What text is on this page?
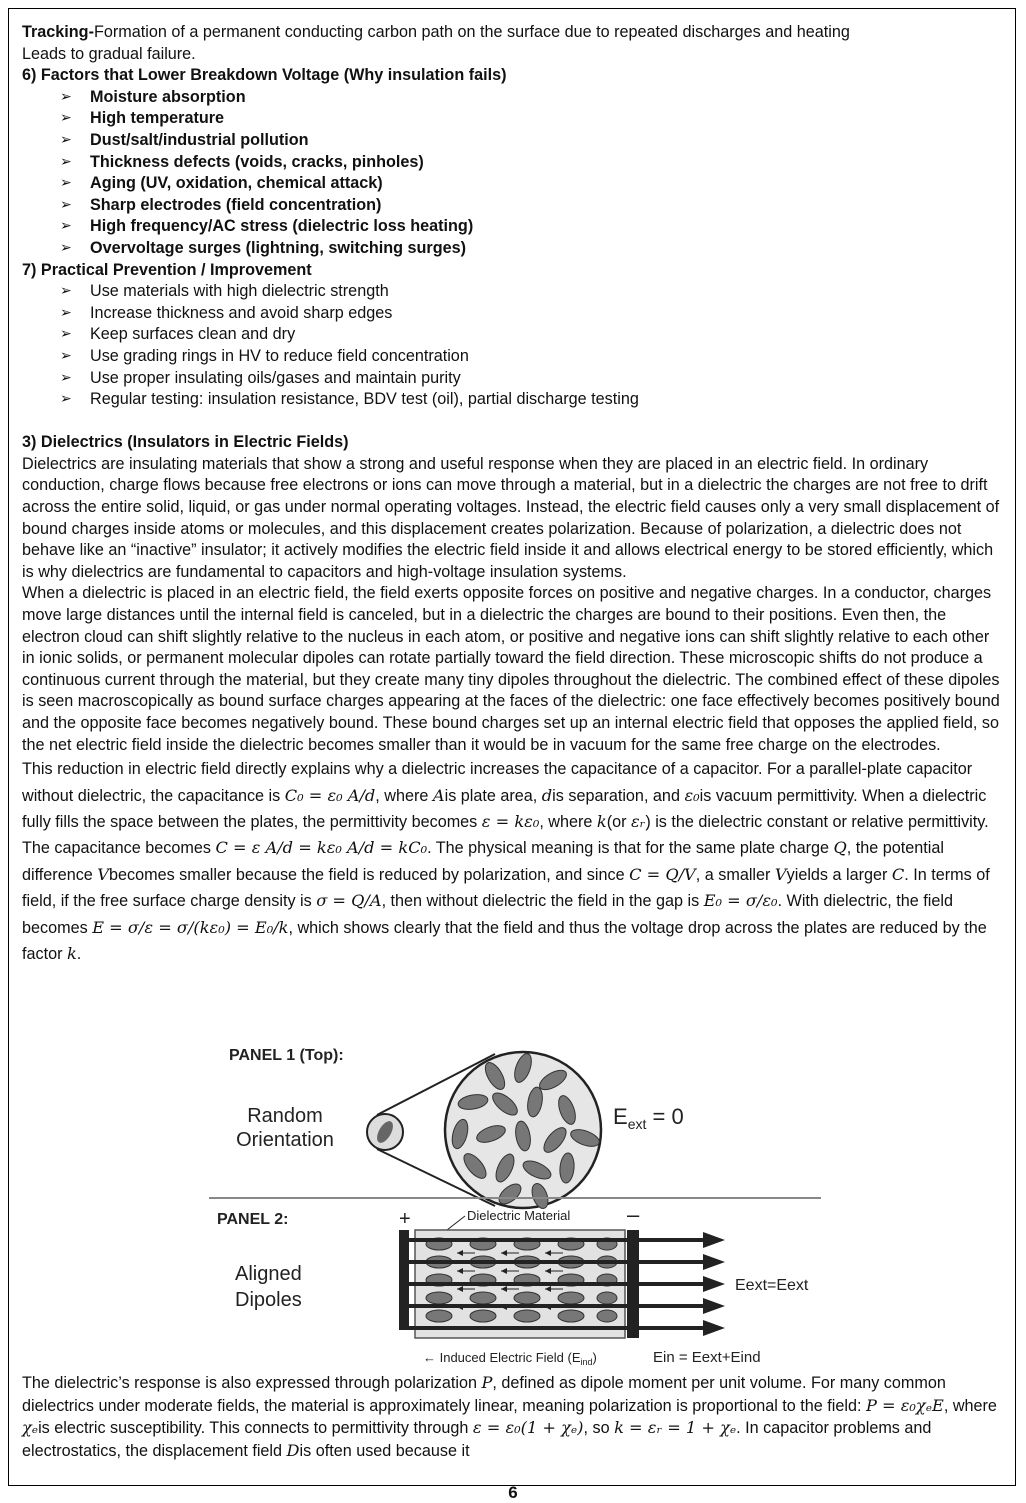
Tracking-Formation of a permanent conducting carbon path on the surface due to repeated discharges and heating
Leads to gradual failure.

6) Factors that Lower Breakdown Voltage (Why insulation fails)

➢ Moisture absorption
➢ High temperature
➢ Dust/salt/industrial pollution
➢ Thickness defects (voids, cracks, pinholes)
➢ Aging (UV, oxidation, chemical attack)
➢ Sharp electrodes (field concentration)
➢ High frequency/AC stress (dielectric loss heating)
➢ Overvoltage surges (lightning, switching surges)

7) Practical Prevention / Improvement

➢ Use materials with high dielectric strength
➢ Increase thickness and avoid sharp edges
➢ Keep surfaces clean and dry
➢ Use grading rings in HV to reduce field concentration
➢ Use proper insulating oils/gases and maintain purity
➢ Regular testing: insulation resistance, BDV test (oil), partial discharge testing

3) Dielectrics (Insulators in Electric Fields)

Dielectrics are insulating materials that show a strong and useful response when they are placed in an electric field. In ordinary conduction, charge flows because free electrons or ions can move through a material, but in a dielectric the charges are not free to drift across the entire solid, liquid, or gas under normal operating voltages. Instead, the electric field causes only a very small displacement of bound charges inside atoms or molecules, and this displacement creates polarization. Because of polarization, a dielectric does not behave like an “inactive” insulator; it actively modifies the electric field inside it and allows electrical energy to be stored efficiently, which is why dielectrics are fundamental to capacitors and high-voltage insulation systems.

When a dielectric is placed in an electric field, the field exerts opposite forces on positive and negative charges. In a conductor, charges move large distances until the internal field is canceled, but in a dielectric the charges are bound to their positions. Even then, the electron cloud can shift slightly relative to the nucleus in each atom, or positive and negative ions can shift slightly relative to each other in ionic solids, or permanent molecular dipoles can rotate partially toward the field direction. These microscopic shifts do not produce a continuous current through the material, but they create many tiny dipoles throughout the dielectric. The combined effect of these dipoles is seen macroscopically as bound surface charges appearing at the faces of the dielectric: one face effectively becomes positively bound and the opposite face becomes negatively bound. These bound charges set up an internal electric field that opposes the applied field, so the net electric field inside the dielectric becomes smaller than it would be in vacuum for the same free charge on the electrodes.

This reduction in electric field directly explains why a dielectric increases the capacitance of a capacitor. For a parallel-plate capacitor without dielectric, the capacitance is C₀ = ε₀ A/d, where Ais plate area, dis separation, and ε₀is vacuum permittivity. When a dielectric fully fills the space between the plates, the permittivity becomes ε = kε₀, where k(or εᵣ) is the dielectric constant or relative permittivity. The capacitance becomes C = ε A/d = kε₀ A/d = kC₀. The physical meaning is that for the same plate charge Q, the potential difference Vbecomes smaller because the field is reduced by polarization, and since C = Q/V, a smaller Vyields a larger C. In terms of field, if the free surface charge density is σ = Q/A, then without dielectric the field in the gap is E₀ = σ/ε₀. With dielectric, the field becomes E = σ/ε = σ/(kε₀) = E₀/k, which shows clearly that the field and thus the voltage drop across the plates are reduced by the factor k.

PANEL 1 (Top):
Random
Orientation
$E_{ext} = 0$
PANEL 2:
Aligned
Dipoles
+	–
Dielectric Material
Eext=Eext
← Induced Electric Field $(E_{ind})$	Ein = Eext+Eind

The dielectric’s response is also expressed through polarization P, defined as dipole moment per unit volume. For many common dielectrics under moderate fields, the material is approximately linear, meaning polarization is proportional to the field: P = ε₀χₑE, where χₑis electric susceptibility. This connects to permittivity through ε = ε₀(1 + χₑ), so k = εᵣ = 1 + χₑ. In capacitor problems and electrostatics, the displacement field Dis often used because it

6
